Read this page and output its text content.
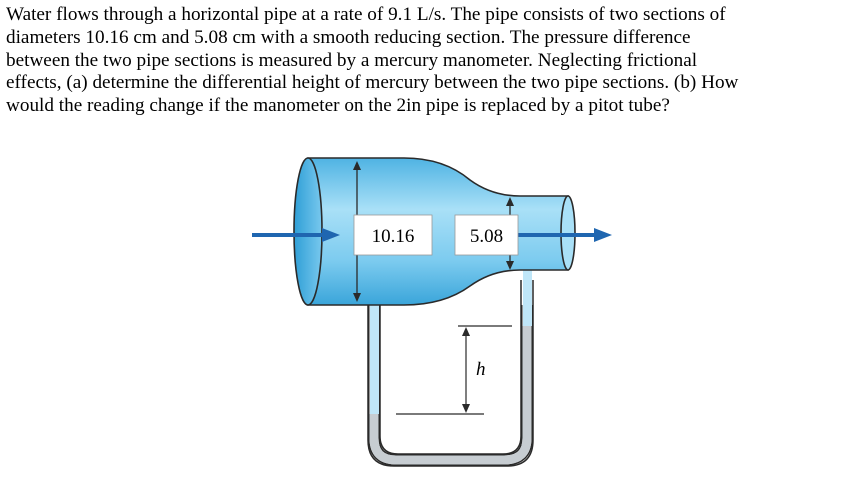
Water flows through a horizontal pipe at a rate of 9.1 L/s. The pipe consists of two sections of
diameters 10.16 cm and 5.08 cm with a smooth reducing section. The pressure difference
between the two pipe sections is measured by a mercury manometer. Neglecting frictional
effects, (a) determine the differential height of mercury between the two pipe sections. (b) How
would the reading change if the manometer on the 2in pipe is replaced by a pitot tube?
10.16	5.08
h
